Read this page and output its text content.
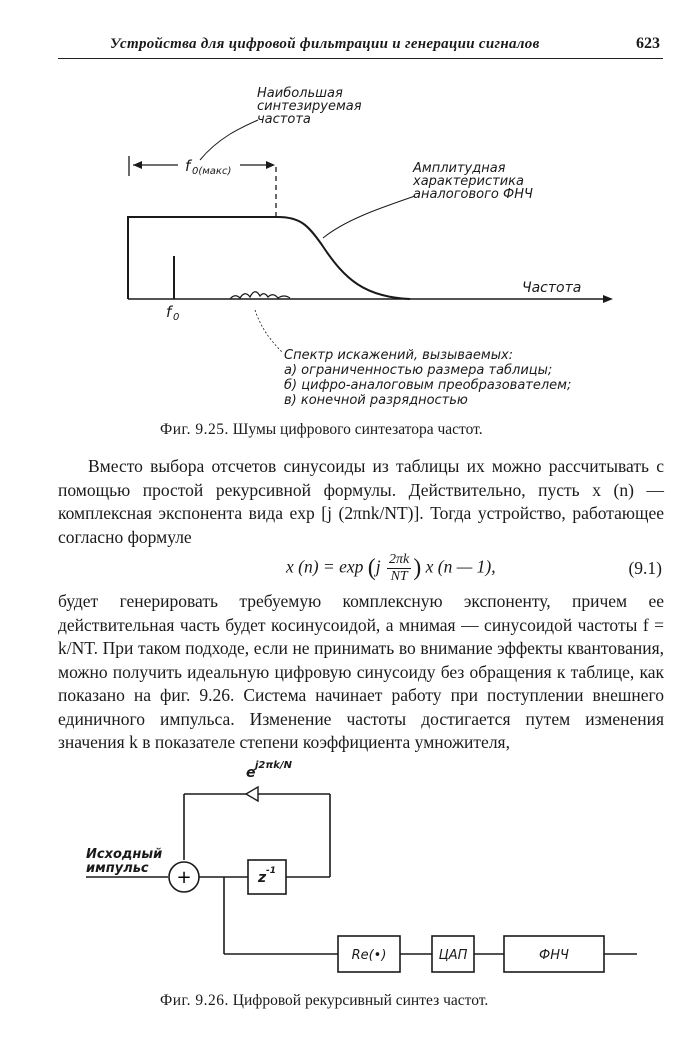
Устройства для цифровой фильтрации и генерации сигналов	623
Наибольшая
синтезируемая
частота
f 0(макс)	Амплитудная
характеристика
аналогового ФНЧ
Частота
f 0
Спектр искажений, вызываемых:
а) ограниченностью размера таблицы;
б) цифро-аналоговым преобразователем;
в) конечной разрядностью
Фиг. 9.25. Шумы цифрового синтезатора частот.

Вместо выбора отсчетов синусоиды из таблицы их можно рассчитывать с помощью простой рекурсивной формулы. Действительно, пусть x (n) — комплексная экспонента вида exp [j (2πnk/NT)]. Тогда устройство, работающее согласно формуле

x $(n) = \exp (j \frac{2\pi k}{NT}$ ) x (n — 1),	(9.1)

будет генерировать требуемую комплексную экспоненту, причем ее действительная часть будет косинусоидой, а мнимая — синусоидой частоты f = k/NT. При таком подходе, если не принимать во внимание эффекты квантования, можно получить идеальную цифровую синусоиду без обращения к таблице, как показано на фиг. 9.26. Система начинает работу при поступлении внешнего единичного импульса. Изменение частоты достигается путем изменения значения k в показателе степени коэффициента умножителя,

e j2πk/N
Исходный
импульс +	z -1
Re(•)	ЦАП	ФНЧ
Фиг. 9.26. Цифровой рекурсивный синтез частот.
